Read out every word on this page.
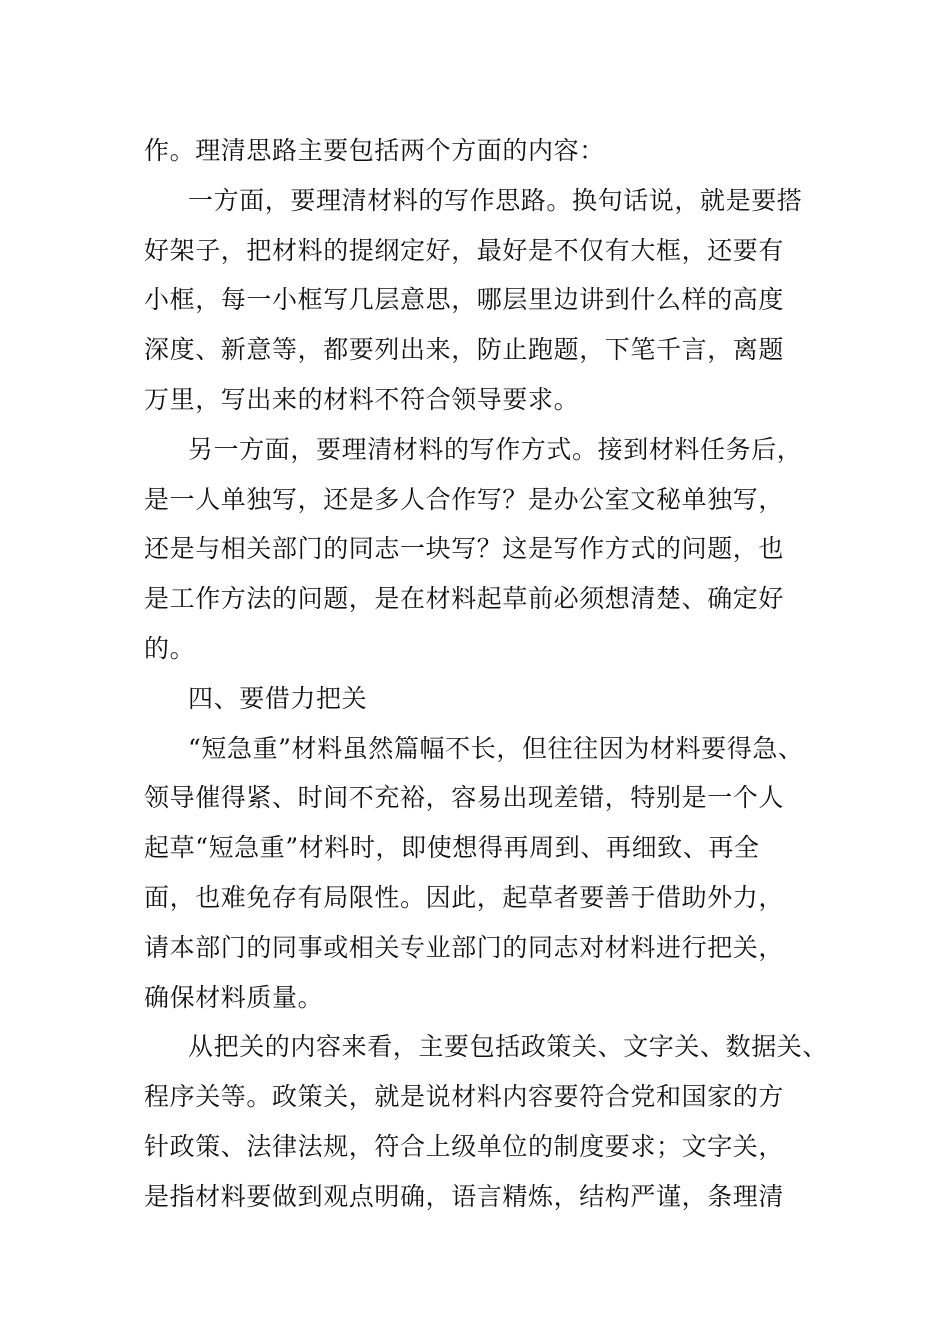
作。理清思路主要包括两个方面的内容：
一方面，要理清材料的写作思路。换句话说，就是要搭
好架子，把材料的提纲定好，最好是不仅有大框，还要有
小框，每一小框写几层意思，哪层里边讲到什么样的高度
深度、新意等，都要列出来，防止跑题，下笔千言，离题
万里，写出来的材料不符合领导要求。
另一方面，要理清材料的写作方式。接到材料任务后，
是一人单独写，还是多人合作写？是办公室文秘单独写，
还是与相关部门的同志一块写？这是写作方式的问题，也
是工作方法的问题，是在材料起草前必须想清楚、确定好
的。
四、要借力把关
“短急重”材料虽然篇幅不长，但往往因为材料要得急、
领导催得紧、时间不充裕，容易出现差错，特别是一个人
起草“短急重”材料时，即使想得再周到、再细致、再全
面，也难免存有局限性。因此，起草者要善于借助外力，
请本部门的同事或相关专业部门的同志对材料进行把关，
确保材料质量。
从把关的内容来看，主要包括政策关、文字关、数据关、
程序关等。政策关，就是说材料内容要符合党和国家的方
针政策、法律法规，符合上级单位的制度要求；文字关，
是指材料要做到观点明确，语言精炼，结构严谨，条理清
